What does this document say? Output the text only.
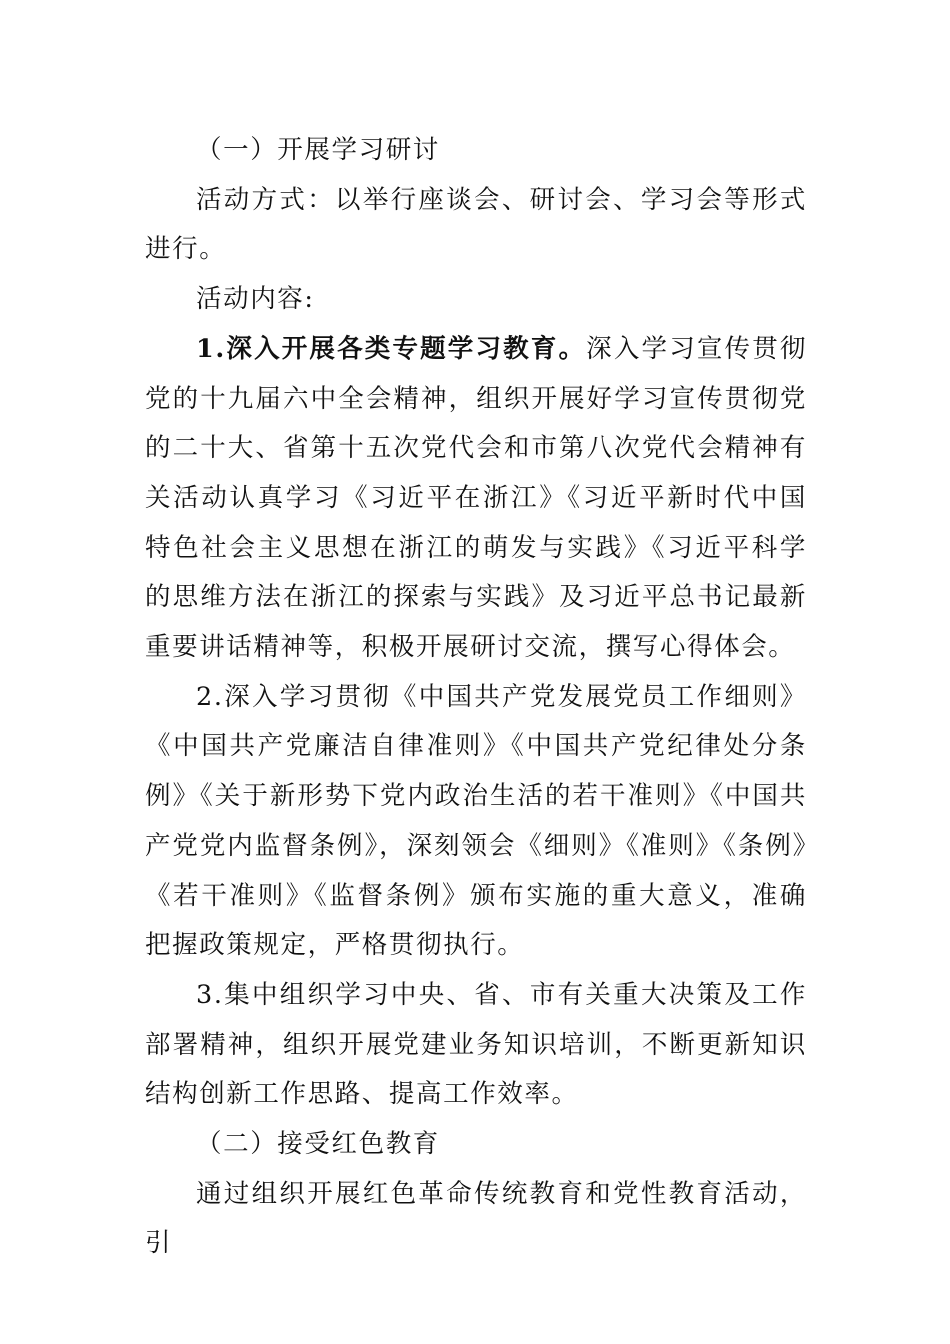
（一）开展学习研讨

活动方式：以举行座谈会、研讨会、学习会等形式进行。

活动内容:

1.深入开展各类专题学习教育。深入学习宣传贯彻党的十九届六中全会精神，组织开展好学习宣传贯彻党的二十大、省第十五次党代会和市第八次党代会精神有关活动认真学习《习近平在浙江》《习近平新时代中国特色社会主义思想在浙江的萌发与实践》《习近平科学的思维方法在浙江的探索与实践》及习近平总书记最新重要讲话精神等，积极开展研讨交流，撰写心得体会。

2.深入学习贯彻《中国共产党发展党员工作细则》《中国共产党廉洁自律准则》《中国共产党纪律处分条例》《关于新形势下党内政治生活的若干准则》《中国共产党党内监督条例》，深刻领会《细则》《准则》《条例》《若干准则》《监督条例》颁布实施的重大意义，准确把握政策规定，严格贯彻执行。

3.集中组织学习中央、省、市有关重大决策及工作部署精神，组织开展党建业务知识培训，不断更新知识结构创新工作思路、提高工作效率。

（二）接受红色教育

通过组织开展红色革命传统教育和党性教育活动，引
